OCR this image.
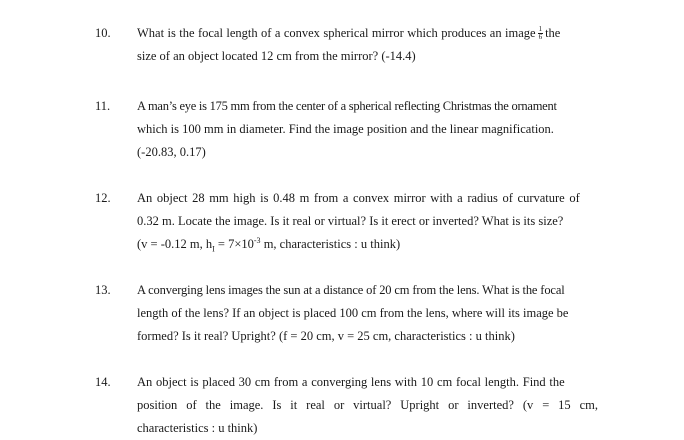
10. What is the focal length of a convex spherical mirror which produces an image $\frac{1}{6}$ the
size of an object located 12 cm from the mirror? (-14.4)
11. A man’s eye is 175 mm from the center of a spherical reflecting Christmas the ornament
which is 100 mm in diameter. Find the image position and the linear magnification.
(-20.83, 0.17)
12. An object 28 mm high is 0.48 m from a convex mirror with a radius of curvature of
0.32 m. Locate the image. Is it real or virtual? Is it erect or inverted? What is its size?
(v = -0.12 m, $h_I = 7\times 10^{-3}$ m, characteristics : u think)
13. A converging lens images the sun at a distance of 20 cm from the lens. What is the focal
length of the lens? If an object is placed 100 cm from the lens, where will its image be
formed? Is it real? Upright? (f = 20 cm, v = 25 cm, characteristics : u think)
14. An object is placed 30 cm from a converging lens with 10 cm focal length. Find the
position of the image. Is it real or virtual? Upright or inverted? (v = 15 cm,
characteristics : u think)
